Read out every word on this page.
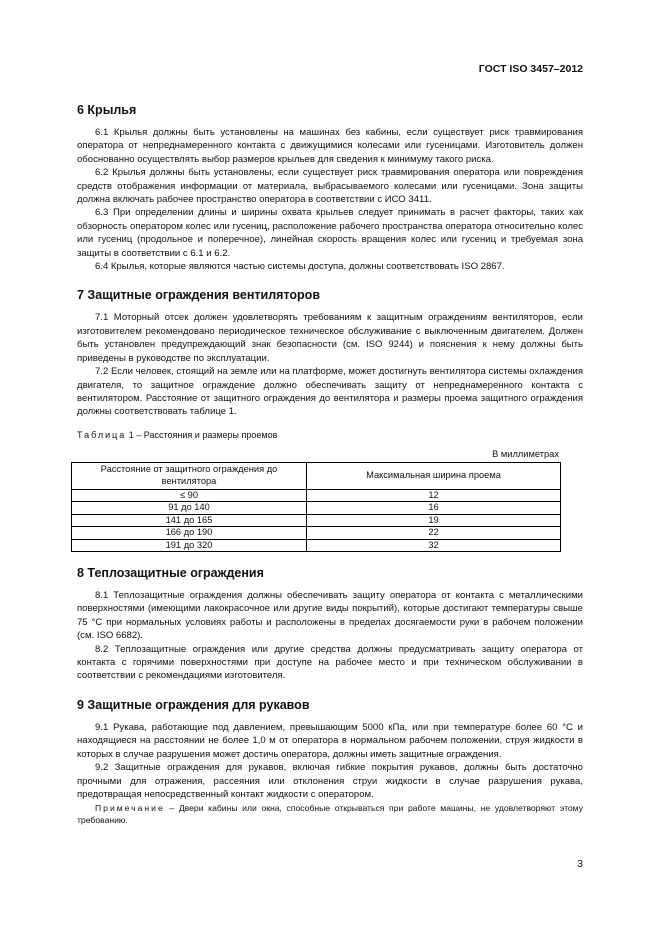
ГОСТ ISO 3457–2012
6 Крылья

6.1 Крылья должны быть установлены на машинах без кабины, если существует риск травмирования оператора от непреднамеренного контакта с движущимися колесами или гусеницами. Изготовитель должен обоснованно осуществлять выбор размеров крыльев для сведения к минимуму такого риска.

6.2 Крылья должны быть установлены, если существует риск травмирования оператора или повреждения средств отображения информации от материала, выбрасываемого колесами или гусеницами. Зона защиты должна включать рабочее пространство оператора в соответствии с ИСО 3411.

6.3 При определении длины и ширины охвата крыльев следует принимать в расчет факторы, таких как обзорность оператором колес или гусениц, расположение рабочего пространства оператора относительно колес или гусениц (продольное и поперечное), линейная скорость вращения колес или гусениц и требуемая зона защиты в соответствии с 6.1 и 6.2.

6.4 Крылья, которые являются частью системы доступа, должны соответствовать ISO 2867.

7 Защитные ограждения вентиляторов

7.1 Моторный отсек должен удовлетворять требованиям к защитным ограждениям вентиляторов, если изготовителем рекомендовано периодическое техническое обслуживание с выключенным двигателем. Должен быть установлен предупреждающий знак безопасности (см. ISO 9244) и пояснения к нему должны быть приведены в руководстве по эксплуатации.

7.2 Если человек, стоящий на земле или на платформе, может достигнуть вентилятора системы охлаждения двигателя, то защитное ограждение должно обеспечивать защиту от непреднамеренного контакта с вентилятором. Расстояние от защитного ограждения до вентилятора и размеры проема защитного ограждения должны соответствовать таблице 1.

Таблица 1 – Расстояния и размеры проемов
В миллиметрах
Расстояние от защитного ограждения до вентилятора	Максимальная ширина проема
≤ 90	12
91 до 140	16
141 до 165	19
166 до 190	22
191 до 320	32
8 Теплозащитные ограждения

8.1 Теплозащитные ограждения должны обеспечивать защиту оператора от контакта с металлическими поверхностями (имеющими лакокрасочное или другие виды покрытий), которые достигают температуры свыше 75 °С при нормальных условиях работы и расположены в пределах досягаемости руки в рабочем положении (см. ISO 6682).

8.2 Теплозащитные ограждения или другие средства должны предусматривать защиту оператора от контакта с горячими поверхностями при доступе на рабочее место и при техническом обслуживании в соответствии с рекомендациями изготовителя.

9 Защитные ограждения для рукавов

9.1 Рукава, работающие под давлением, превышающим 5000 кПа, или при температуре более 60 °С и находящиеся на расстоянии не более 1,0 м от оператора в нормальном рабочем положении, струя жидкости в которых в случае разрушения может достичь оператора, должны иметь защитные ограждения.

9.2 Защитные ограждения для рукавов, включая гибкие покрытия рукавов, должны быть достаточно прочными для отражения, рассеяния или отклонения струи жидкости в случае разрушения рукава, предотвращая непосредственный контакт жидкости с оператором.

Примечание – Двери кабины или окна, способные открываться при работе машины, не удовлетворяют этому требованию.
3
